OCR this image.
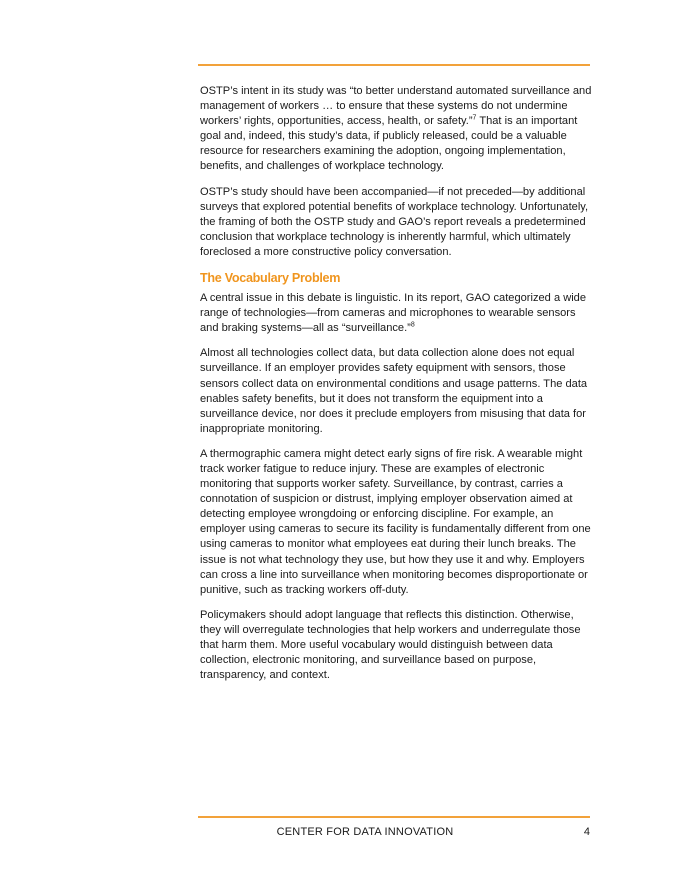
OSTP’s intent in its study was “to better understand automated surveillance and management of workers … to ensure that these systems do not undermine workers’ rights, opportunities, access, health, or safety.”$^7$ That is an important goal and, indeed, this study’s data, if publicly released, could be a valuable resource for researchers examining the adoption, ongoing implementation, benefits, and challenges of workplace technology.

OSTP’s study should have been accompanied—if not preceded—by additional surveys that explored potential benefits of workplace technology. Unfortunately, the framing of both the OSTP study and GAO’s report reveals a predetermined conclusion that workplace technology is inherently harmful, which ultimately foreclosed a more constructive policy conversation.

The Vocabulary Problem

A central issue in this debate is linguistic. In its report, GAO categorized a wide range of technologies—from cameras and microphones to wearable sensors and braking systems—all as “surveillance.”$^8$

Almost all technologies collect data, but data collection alone does not equal surveillance. If an employer provides safety equipment with sensors, those sensors collect data on environmental conditions and usage patterns. The data enables safety benefits, but it does not transform the equipment into a surveillance device, nor does it preclude employers from misusing that data for inappropriate monitoring.

A thermographic camera might detect early signs of fire risk. A wearable might track worker fatigue to reduce injury. These are examples of electronic monitoring that supports worker safety. Surveillance, by contrast, carries a connotation of suspicion or distrust, implying employer observation aimed at detecting employee wrongdoing or enforcing discipline. For example, an employer using cameras to secure its facility is fundamentally different from one using cameras to monitor what employees eat during their lunch breaks. The issue is not what technology they use, but how they use it and why. Employers can cross a line into surveillance when monitoring becomes disproportionate or punitive, such as tracking workers off-duty.

Policymakers should adopt language that reflects this distinction. Otherwise, they will overregulate technologies that help workers and underregulate those that harm them. More useful vocabulary would distinguish between data collection, electronic monitoring, and surveillance based on purpose, transparency, and context.

CENTER FOR DATA INNOVATION	4
